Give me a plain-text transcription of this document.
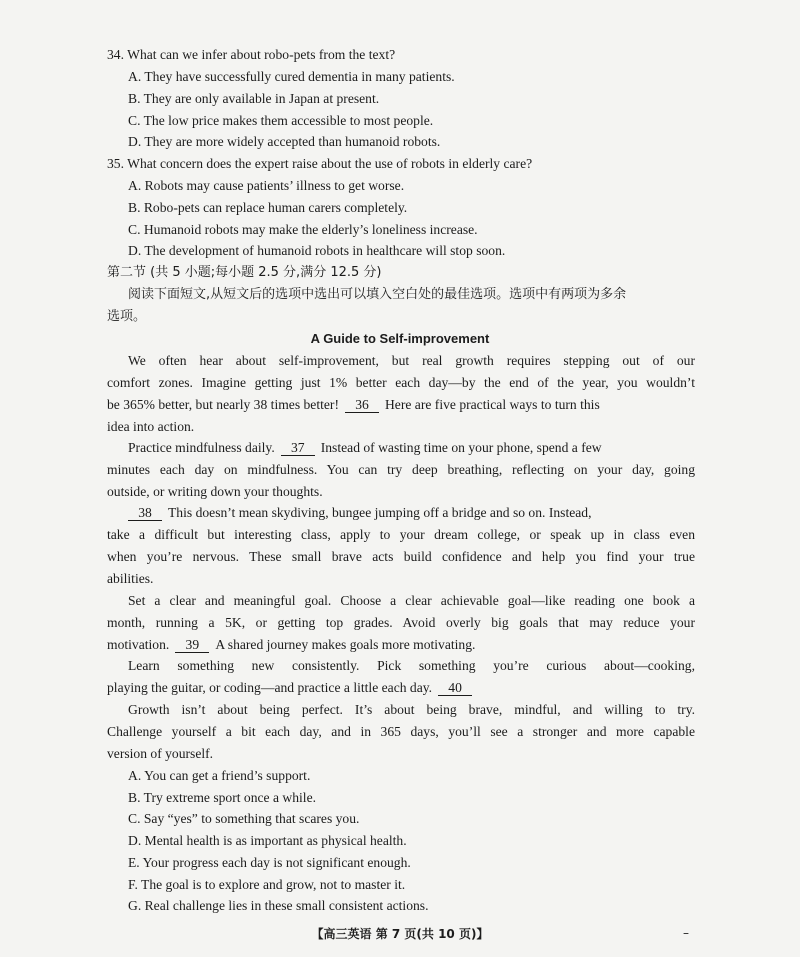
34. What can we infer about robo-pets from the text?
A. They have successfully cured dementia in many patients.
B. They are only available in Japan at present.
C. The low price makes them accessible to most people.
D. They are more widely accepted than humanoid robots.
35. What concern does the expert raise about the use of robots in elderly care?
A. Robots may cause patients’ illness to get worse.
B. Robo-pets can replace human carers completely.
C. Humanoid robots may make the elderly’s loneliness increase.
D. The development of humanoid robots in healthcare will stop soon.
第二节 (共 5 小题;每小题 2.5 分,满分 12.5 分)
阅读下面短文,从短文后的选项中选出可以填入空白处的最佳选项。选项中有两项为多余
选项。
A Guide to Self-improvement
We often hear about self-improvement, but real growth requires stepping out of our
comfort zones. Imagine getting just 1% better each day—by the end of the year, you wouldn’t
be 365% better, but nearly 38 times better! 36 Here are five practical ways to turn this
idea into action.
Practice mindfulness daily. 37 Instead of wasting time on your phone, spend a few
minutes each day on mindfulness. You can try deep breathing, reflecting on your day, going
outside, or writing down your thoughts.
38 This doesn’t mean skydiving, bungee jumping off a bridge and so on. Instead,
take a difficult but interesting class, apply to your dream college, or speak up in class even
when you’re nervous. These small brave acts build confidence and help you find your true
abilities.
Set a clear and meaningful goal. Choose a clear achievable goal—like reading one book a
month, running a 5K, or getting top grades. Avoid overly big goals that may reduce your
motivation. 39 A shared journey makes goals more motivating.
Learn something new consistently. Pick something you’re curious about—cooking,
playing the guitar, or coding—and practice a little each day. 40
Growth isn’t about being perfect. It’s about being brave, mindful, and willing to try.
Challenge yourself a bit each day, and in 365 days, you’ll see a stronger and more capable
version of yourself.
A. You can get a friend’s support.
B. Try extreme sport once a while.
C. Say “yes” to something that scares you.
D. Mental health is as important as physical health.
E. Your progress each day is not significant enough.
F. The goal is to explore and grow, not to master it.
G. Real challenge lies in these small consistent actions.
【高三英语 第 7 页(共 10 页)】	–
